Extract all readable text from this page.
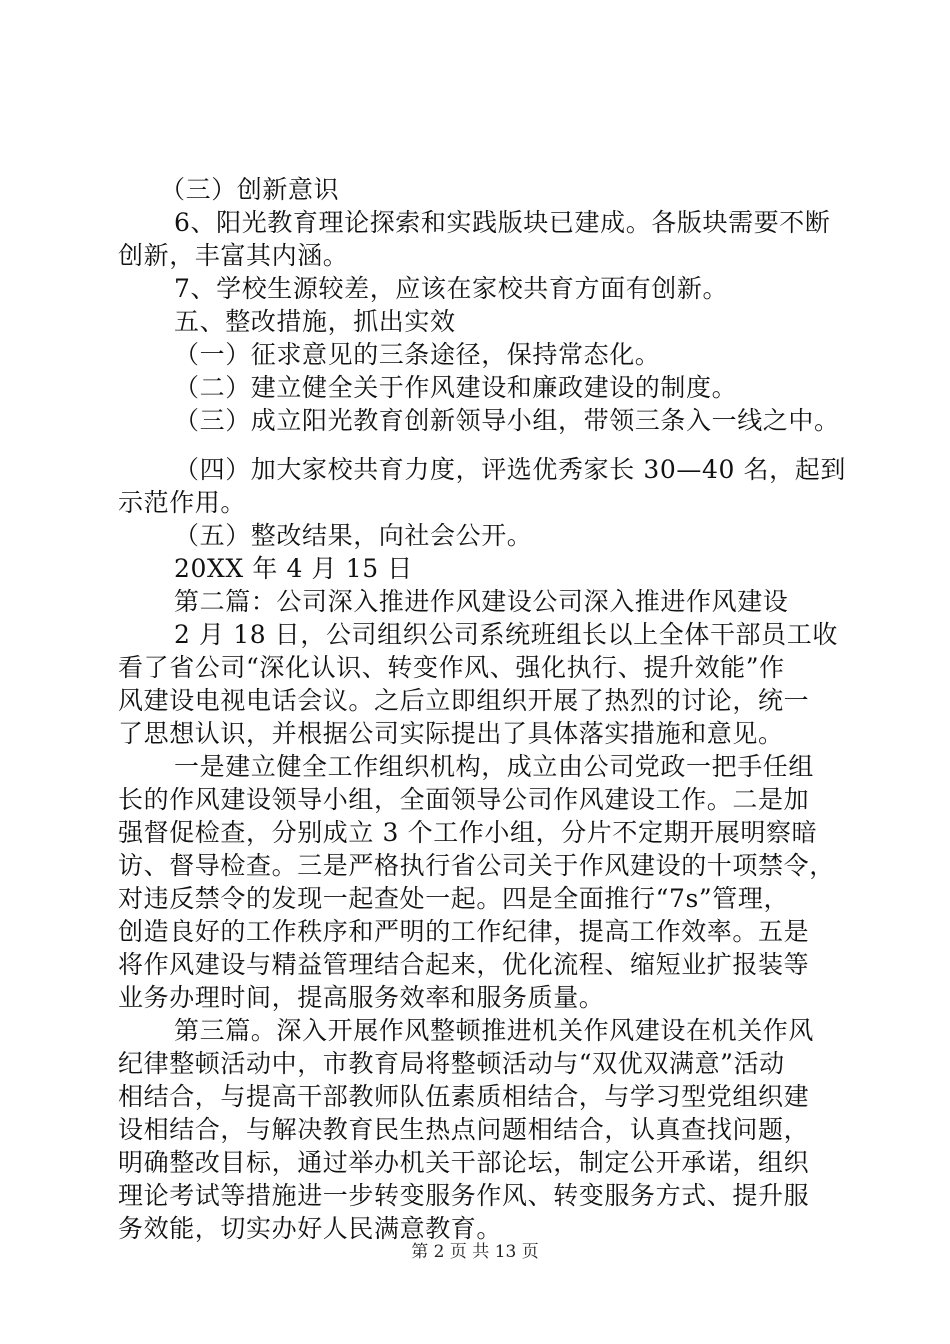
（三）创新意识
6、阳光教育理论探索和实践版块已建成。各版块需要不断
创新，丰富其内涵。
7、学校生源较差，应该在家校共育方面有创新。
五、整改措施，抓出实效
（一）征求意见的三条途径，保持常态化。
（二）建立健全关于作风建设和廉政建设的制度。
（三）成立阳光教育创新领导小组，带领三条入一线之中。
（四）加大家校共育力度，评选优秀家长 30—40 名，起到
示范作用。
（五）整改结果，向社会公开。
20XX 年 4 月 15 日
第二篇：公司深入推进作风建设公司深入推进作风建设
2 月 18 日，公司组织公司系统班组长以上全体干部员工收
看了省公司“深化认识、转变作风、强化执行、提升效能”作
风建设电视电话会议。之后立即组织开展了热烈的讨论，统一
了思想认识，并根据公司实际提出了具体落实措施和意见。
一是建立健全工作组织机构，成立由公司党政一把手任组
长的作风建设领导小组，全面领导公司作风建设工作。二是加
强督促检查，分别成立 3 个工作小组，分片不定期开展明察暗
访、督导检查。三是严格执行省公司关于作风建设的十项禁令，
对违反禁令的发现一起查处一起。四是全面推行“7s”管理，
创造良好的工作秩序和严明的工作纪律，提高工作效率。五是
将作风建设与精益管理结合起来，优化流程、缩短业扩报装等
业务办理时间，提高服务效率和服务质量。
第三篇。深入开展作风整顿推进机关作风建设在机关作风
纪律整顿活动中，市教育局将整顿活动与“双优双满意”活动
相结合，与提高干部教师队伍素质相结合，与学习型党组织建
设相结合，与解决教育民生热点问题相结合，认真查找问题，
明确整改目标，通过举办机关干部论坛，制定公开承诺，组织
理论考试等措施进一步转变服务作风、转变服务方式、提升服
务效能，切实办好人民满意教育。
第 2 页 共 13 页
